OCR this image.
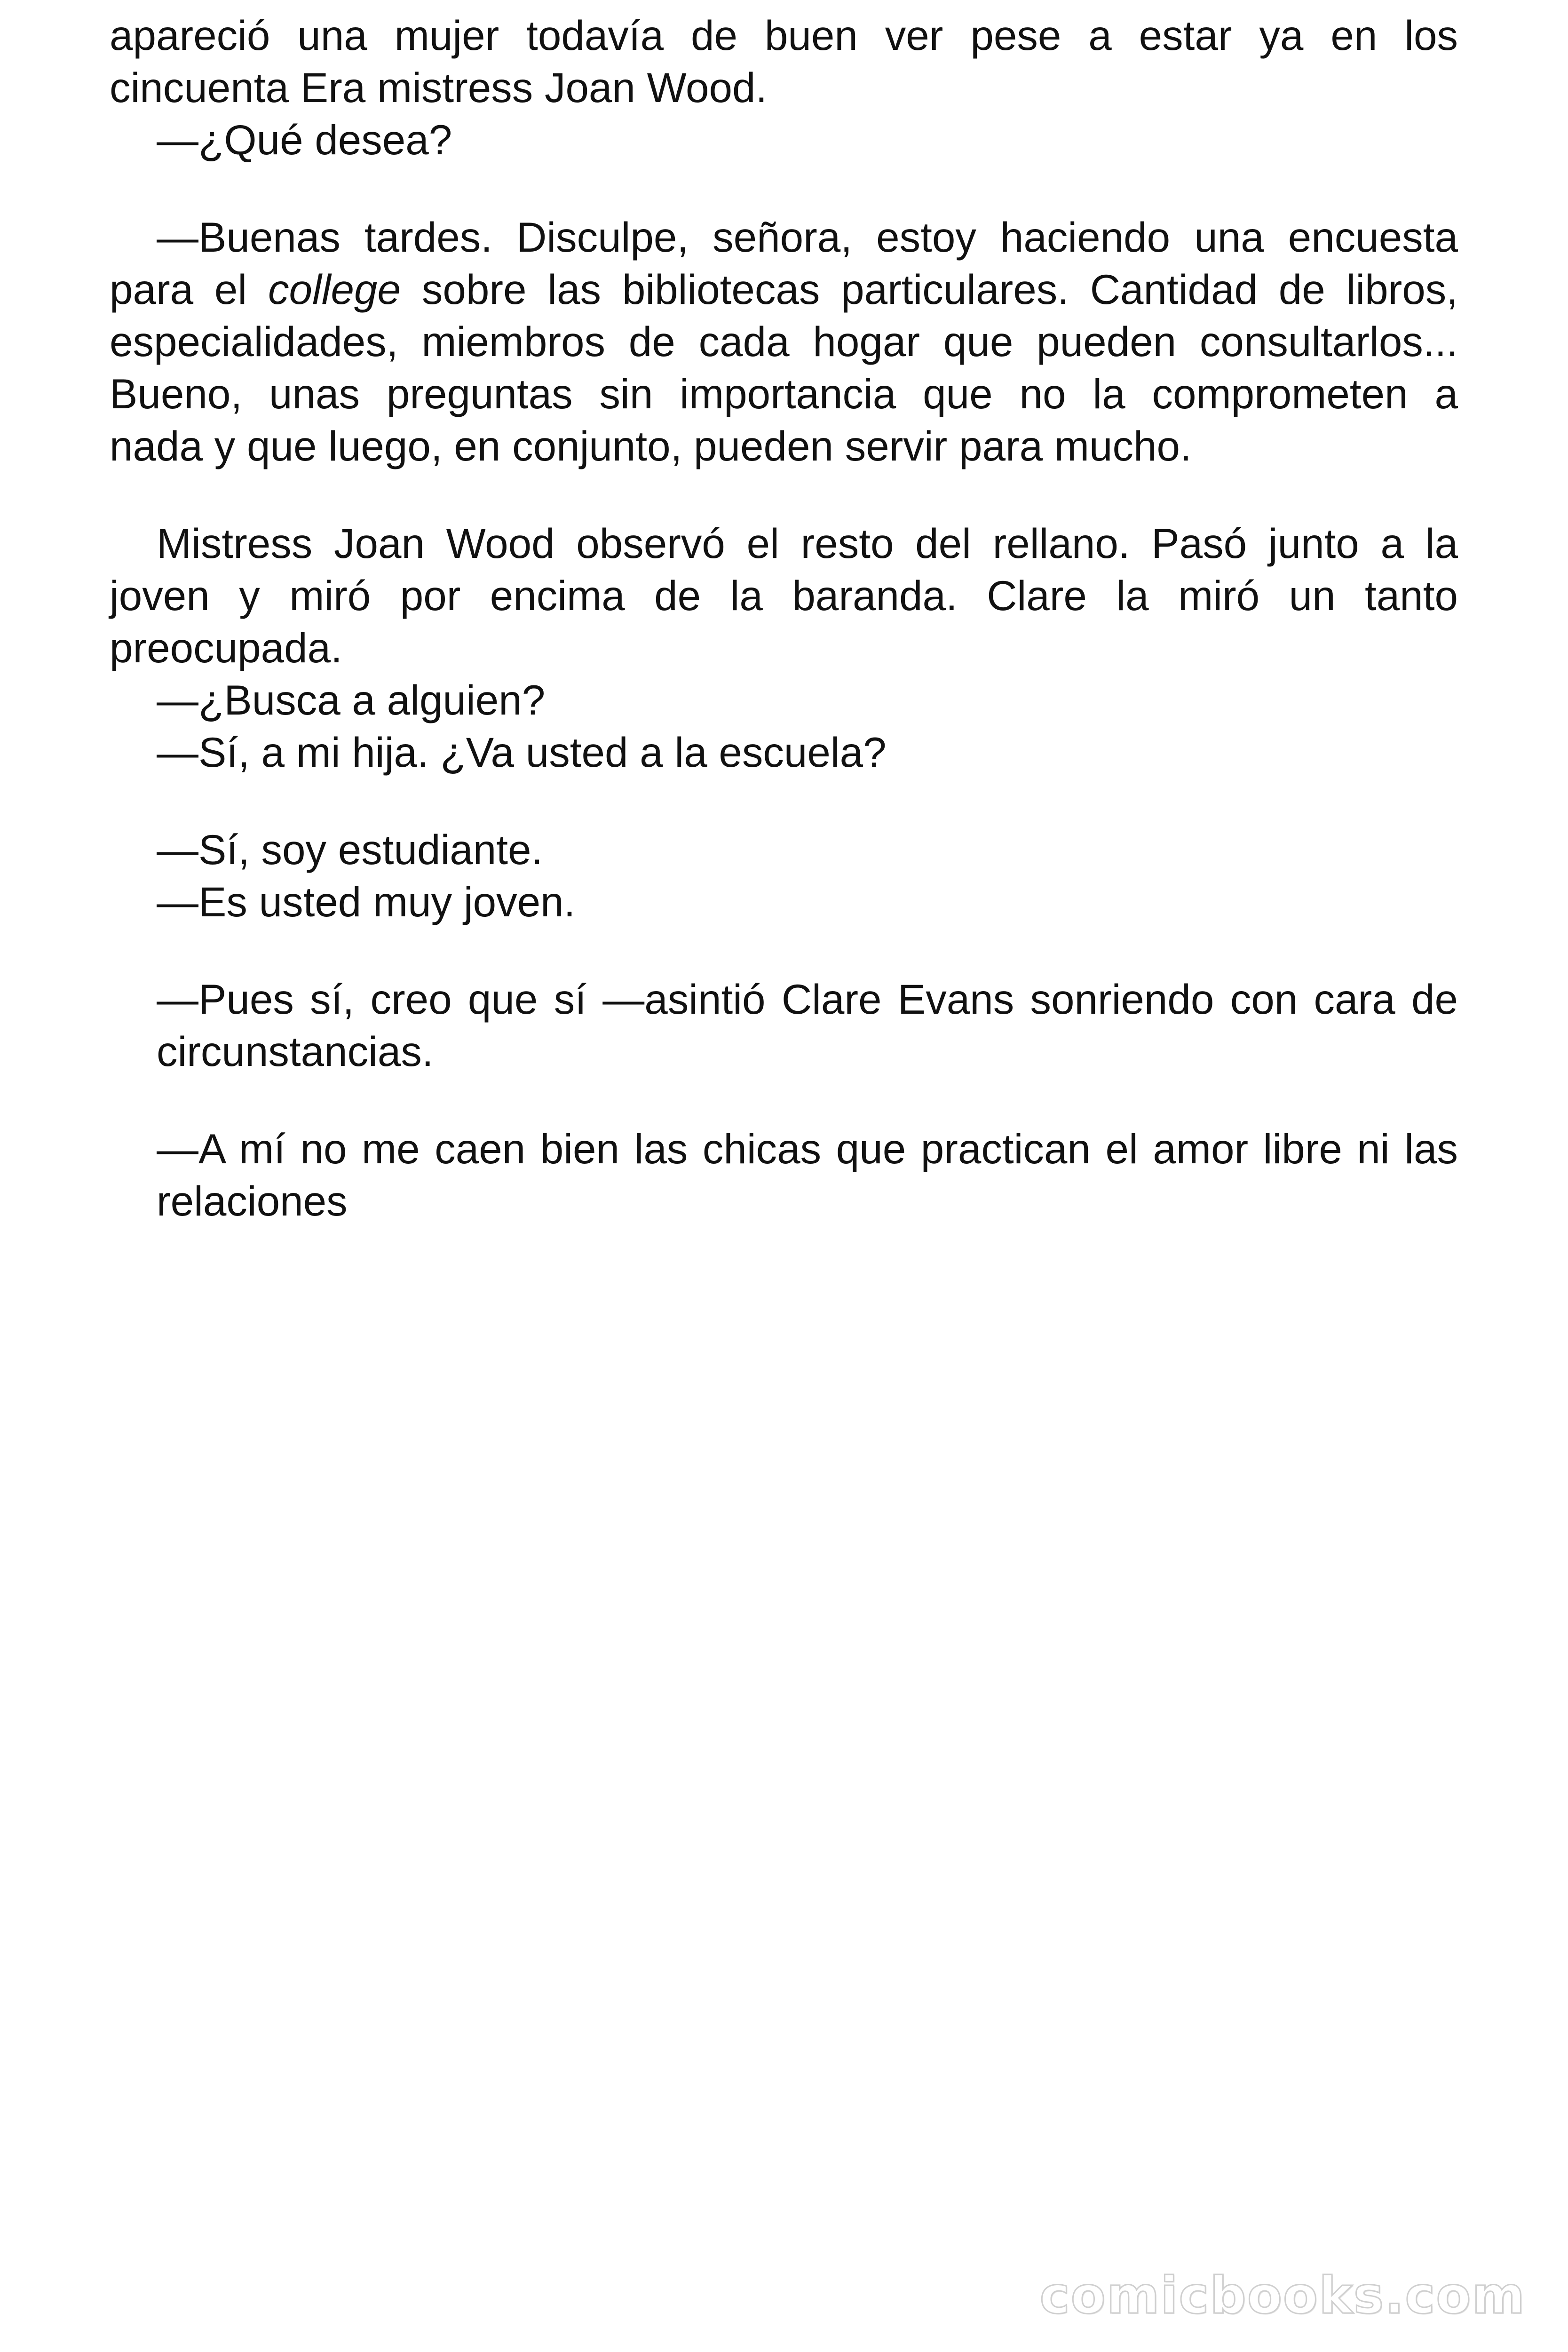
apareció una mujer todavía de buen ver pese a estar ya en los

cincuenta Era mistress Joan Wood.

—¿Qué desea?

—Buenas tardes. Disculpe, señora, estoy haciendo una encuesta

para el college sobre las bibliotecas particulares. Cantidad de libros,

especialidades, miembros de cada hogar que pueden consultarlos...

Bueno, unas preguntas sin importancia que no la comprometen a

nada y que luego, en conjunto, pueden servir para mucho.

Mistress Joan Wood observó el resto del rellano. Pasó junto a la

joven y miró por encima de la baranda. Clare la miró un tanto

preocupada.

—¿Busca a alguien?

—Sí, a mi hija. ¿Va usted a la escuela?

—Sí, soy estudiante.

—Es usted muy joven.

—Pues sí, creo que sí —asintió Clare Evans sonriendo con cara de

circunstancias.

—A mí no me caen bien las chicas que practican el amor libre ni las

relaciones

comicbooks.com
